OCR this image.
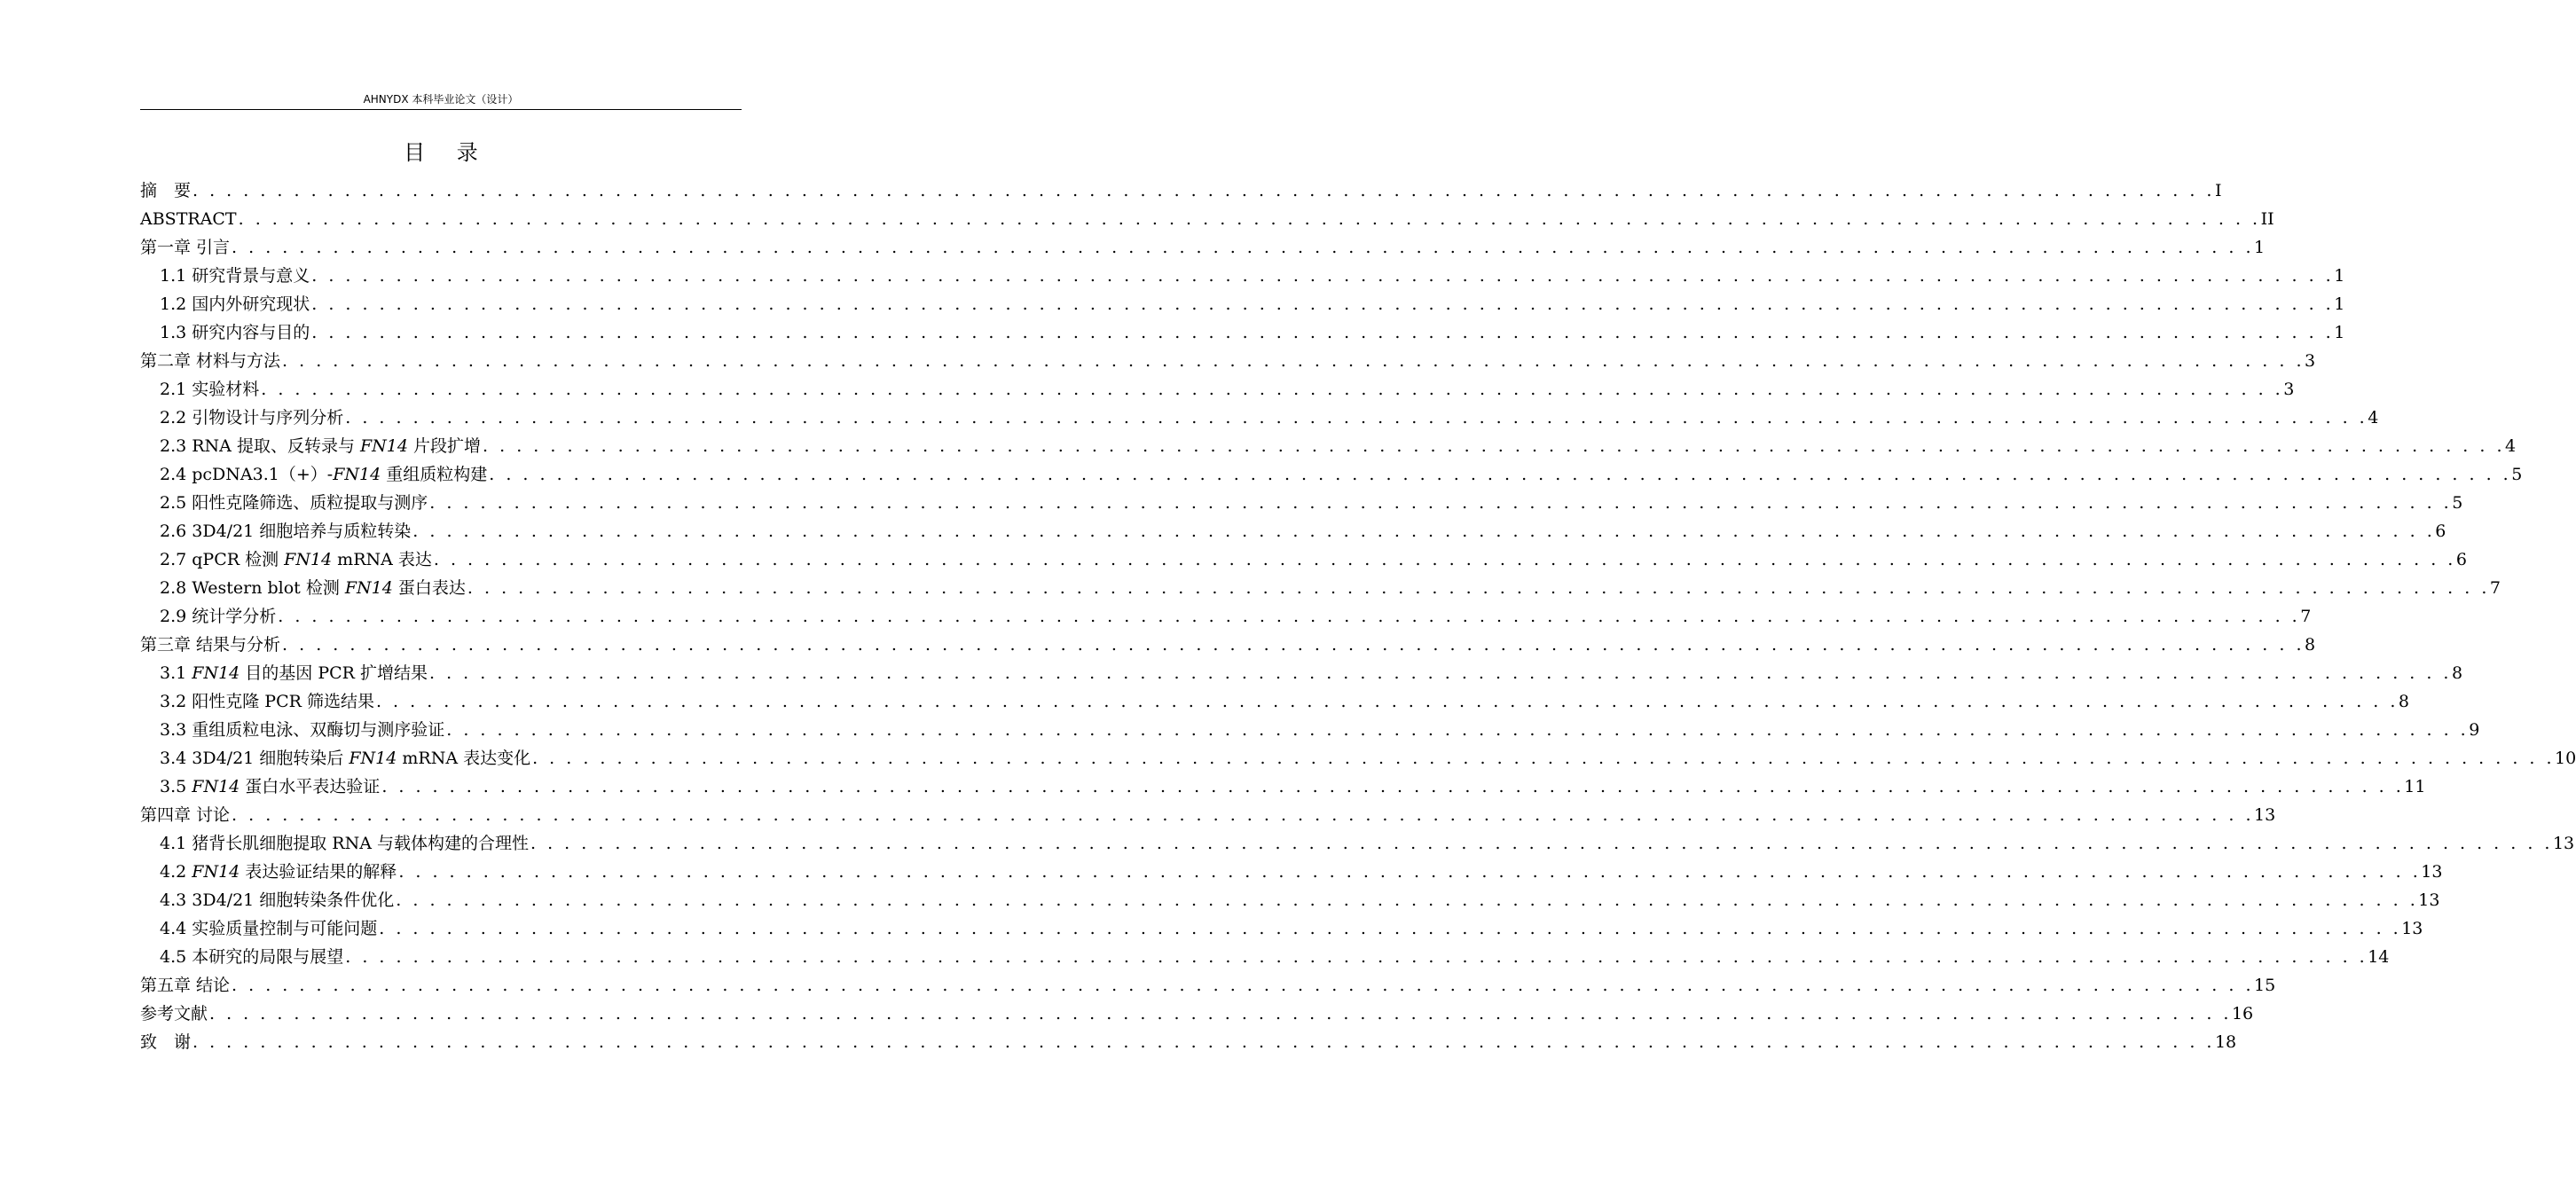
AHNYDX 本科毕业论文（设计）
目 录
摘　要 . . . . . . . . . . . . . . . . . . . . . . . . . . . . . . . . . . . . . . . . . . . . . . . . . . . . . . . . . . . . . . . . . . . . . . . . . . . . . . . . . . . . . . . . . . . . . . . . . . . . . . . . . . . . . . . . . . . . . . . . I
ABSTRACT . . . . . . . . . . . . . . . . . . . . . . . . . . . . . . . . . . . . . . . . . . . . . . . . . . . . . . . . . . . . . . . . . . . . . . . . . . . . . . . . . . . . . . . . . . . . . . . . . . . . . . . . . . . . . . . . . . . . . . . . II
第一章 引言 . . . . . . . . . . . . . . . . . . . . . . . . . . . . . . . . . . . . . . . . . . . . . . . . . . . . . . . . . . . . . . . . . . . . . . . . . . . . . . . . . . . . . . . . . . . . . . . . . . . . . . . . . . . . . . . . . . . . . . . . 1
1.1 研究背景与意义 . . . . . . . . . . . . . . . . . . . . . . . . . . . . . . . . . . . . . . . . . . . . . . . . . . . . . . . . . . . . . . . . . . . . . . . . . . . . . . . . . . . . . . . . . . . . . . . . . . . . . . . . . . . . . . . . . . . . . . . . 1
1.2 国内外研究现状 . . . . . . . . . . . . . . . . . . . . . . . . . . . . . . . . . . . . . . . . . . . . . . . . . . . . . . . . . . . . . . . . . . . . . . . . . . . . . . . . . . . . . . . . . . . . . . . . . . . . . . . . . . . . . . . . . . . . . . . . 1
1.3 研究内容与目的 . . . . . . . . . . . . . . . . . . . . . . . . . . . . . . . . . . . . . . . . . . . . . . . . . . . . . . . . . . . . . . . . . . . . . . . . . . . . . . . . . . . . . . . . . . . . . . . . . . . . . . . . . . . . . . . . . . . . . . . . 1
第二章 材料与方法 . . . . . . . . . . . . . . . . . . . . . . . . . . . . . . . . . . . . . . . . . . . . . . . . . . . . . . . . . . . . . . . . . . . . . . . . . . . . . . . . . . . . . . . . . . . . . . . . . . . . . . . . . . . . . . . . . . . . . . . . 3
2.1 实验材料 . . . . . . . . . . . . . . . . . . . . . . . . . . . . . . . . . . . . . . . . . . . . . . . . . . . . . . . . . . . . . . . . . . . . . . . . . . . . . . . . . . . . . . . . . . . . . . . . . . . . . . . . . . . . . . . . . . . . . . . . 3
2.2 引物设计与序列分析 . . . . . . . . . . . . . . . . . . . . . . . . . . . . . . . . . . . . . . . . . . . . . . . . . . . . . . . . . . . . . . . . . . . . . . . . . . . . . . . . . . . . . . . . . . . . . . . . . . . . . . . . . . . . . . . . . . . . . . . . 4
2.3 RNA 提取、反转录与 FN14 片段扩增 . . . . . . . . . . . . . . . . . . . . . . . . . . . . . . . . . . . . . . . . . . . . . . . . . . . . . . . . . . . . . . . . . . . . . . . . . . . . . . . . . . . . . . . . . . . . . . . . . . . . . . . . . . . . . . . . . . . . . . . . 4
2.4 pcDNA3.1（+）-FN14 重组质粒构建 . . . . . . . . . . . . . . . . . . . . . . . . . . . . . . . . . . . . . . . . . . . . . . . . . . . . . . . . . . . . . . . . . . . . . . . . . . . . . . . . . . . . . . . . . . . . . . . . . . . . . . . . . . . . . . . . . . . . . . . . 5
2.5 阳性克隆筛选、质粒提取与测序 . . . . . . . . . . . . . . . . . . . . . . . . . . . . . . . . . . . . . . . . . . . . . . . . . . . . . . . . . . . . . . . . . . . . . . . . . . . . . . . . . . . . . . . . . . . . . . . . . . . . . . . . . . . . . . . . . . . . . . . . 5
2.6 3D4/21 细胞培养与质粒转染 . . . . . . . . . . . . . . . . . . . . . . . . . . . . . . . . . . . . . . . . . . . . . . . . . . . . . . . . . . . . . . . . . . . . . . . . . . . . . . . . . . . . . . . . . . . . . . . . . . . . . . . . . . . . . . . . . . . . . . . . 6
2.7 qPCR 检测 FN14 mRNA 表达 . . . . . . . . . . . . . . . . . . . . . . . . . . . . . . . . . . . . . . . . . . . . . . . . . . . . . . . . . . . . . . . . . . . . . . . . . . . . . . . . . . . . . . . . . . . . . . . . . . . . . . . . . . . . . . . . . . . . . . . . 6
2.8 Western blot 检测 FN14 蛋白表达 . . . . . . . . . . . . . . . . . . . . . . . . . . . . . . . . . . . . . . . . . . . . . . . . . . . . . . . . . . . . . . . . . . . . . . . . . . . . . . . . . . . . . . . . . . . . . . . . . . . . . . . . . . . . . . . . . . . . . . . . 7
2.9 统计学分析 . . . . . . . . . . . . . . . . . . . . . . . . . . . . . . . . . . . . . . . . . . . . . . . . . . . . . . . . . . . . . . . . . . . . . . . . . . . . . . . . . . . . . . . . . . . . . . . . . . . . . . . . . . . . . . . . . . . . . . . . 7
第三章 结果与分析 . . . . . . . . . . . . . . . . . . . . . . . . . . . . . . . . . . . . . . . . . . . . . . . . . . . . . . . . . . . . . . . . . . . . . . . . . . . . . . . . . . . . . . . . . . . . . . . . . . . . . . . . . . . . . . . . . . . . . . . . 8
3.1 FN14 目的基因 PCR 扩增结果 . . . . . . . . . . . . . . . . . . . . . . . . . . . . . . . . . . . . . . . . . . . . . . . . . . . . . . . . . . . . . . . . . . . . . . . . . . . . . . . . . . . . . . . . . . . . . . . . . . . . . . . . . . . . . . . . . . . . . . . . 8
3.2 阳性克隆 PCR 筛选结果 . . . . . . . . . . . . . . . . . . . . . . . . . . . . . . . . . . . . . . . . . . . . . . . . . . . . . . . . . . . . . . . . . . . . . . . . . . . . . . . . . . . . . . . . . . . . . . . . . . . . . . . . . . . . . . . . . . . . . . . . 8
3.3 重组质粒电泳、双酶切与测序验证 . . . . . . . . . . . . . . . . . . . . . . . . . . . . . . . . . . . . . . . . . . . . . . . . . . . . . . . . . . . . . . . . . . . . . . . . . . . . . . . . . . . . . . . . . . . . . . . . . . . . . . . . . . . . . . . . . . . . . . . . 9
3.4 3D4/21 细胞转染后 FN14 mRNA 表达变化 . . . . . . . . . . . . . . . . . . . . . . . . . . . . . . . . . . . . . . . . . . . . . . . . . . . . . . . . . . . . . . . . . . . . . . . . . . . . . . . . . . . . . . . . . . . . . . . . . . . . . . . . . . . . . . . . . . . . . . . . 10
3.5 FN14 蛋白水平表达验证 . . . . . . . . . . . . . . . . . . . . . . . . . . . . . . . . . . . . . . . . . . . . . . . . . . . . . . . . . . . . . . . . . . . . . . . . . . . . . . . . . . . . . . . . . . . . . . . . . . . . . . . . . . . . . . . . . . . . . . . . 11
第四章 讨论 . . . . . . . . . . . . . . . . . . . . . . . . . . . . . . . . . . . . . . . . . . . . . . . . . . . . . . . . . . . . . . . . . . . . . . . . . . . . . . . . . . . . . . . . . . . . . . . . . . . . . . . . . . . . . . . . . . . . . . . . 13
4.1 猪背长肌细胞提取 RNA 与载体构建的合理性 . . . . . . . . . . . . . . . . . . . . . . . . . . . . . . . . . . . . . . . . . . . . . . . . . . . . . . . . . . . . . . . . . . . . . . . . . . . . . . . . . . . . . . . . . . . . . . . . . . . . . . . . . . . . . . . . . . . . . . . . 13
4.2 FN14 表达验证结果的解释 . . . . . . . . . . . . . . . . . . . . . . . . . . . . . . . . . . . . . . . . . . . . . . . . . . . . . . . . . . . . . . . . . . . . . . . . . . . . . . . . . . . . . . . . . . . . . . . . . . . . . . . . . . . . . . . . . . . . . . . . 13
4.3 3D4/21 细胞转染条件优化 . . . . . . . . . . . . . . . . . . . . . . . . . . . . . . . . . . . . . . . . . . . . . . . . . . . . . . . . . . . . . . . . . . . . . . . . . . . . . . . . . . . . . . . . . . . . . . . . . . . . . . . . . . . . . . . . . . . . . . . . 13
4.4 实验质量控制与可能问题 . . . . . . . . . . . . . . . . . . . . . . . . . . . . . . . . . . . . . . . . . . . . . . . . . . . . . . . . . . . . . . . . . . . . . . . . . . . . . . . . . . . . . . . . . . . . . . . . . . . . . . . . . . . . . . . . . . . . . . . . 13
4.5 本研究的局限与展望 . . . . . . . . . . . . . . . . . . . . . . . . . . . . . . . . . . . . . . . . . . . . . . . . . . . . . . . . . . . . . . . . . . . . . . . . . . . . . . . . . . . . . . . . . . . . . . . . . . . . . . . . . . . . . . . . . . . . . . . . 14
第五章 结论 . . . . . . . . . . . . . . . . . . . . . . . . . . . . . . . . . . . . . . . . . . . . . . . . . . . . . . . . . . . . . . . . . . . . . . . . . . . . . . . . . . . . . . . . . . . . . . . . . . . . . . . . . . . . . . . . . . . . . . . . 15
参考文献 . . . . . . . . . . . . . . . . . . . . . . . . . . . . . . . . . . . . . . . . . . . . . . . . . . . . . . . . . . . . . . . . . . . . . . . . . . . . . . . . . . . . . . . . . . . . . . . . . . . . . . . . . . . . . . . . . . . . . . . . 16
致　谢 . . . . . . . . . . . . . . . . . . . . . . . . . . . . . . . . . . . . . . . . . . . . . . . . . . . . . . . . . . . . . . . . . . . . . . . . . . . . . . . . . . . . . . . . . . . . . . . . . . . . . . . . . . . . . . . . . . . . . . . . 18
